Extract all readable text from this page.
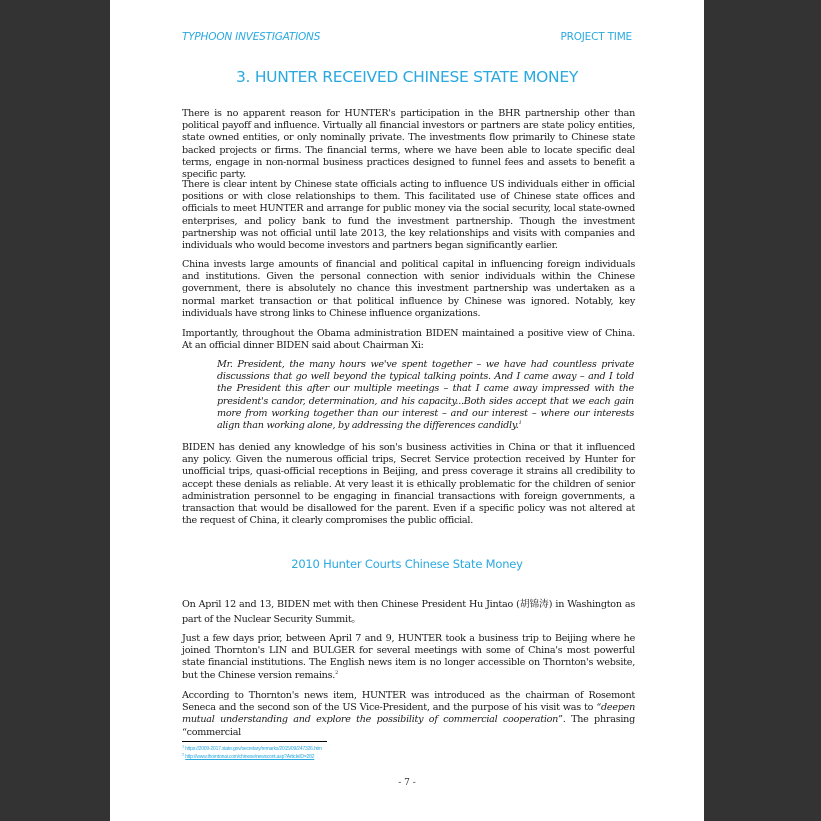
TYPHOON INVESTIGATIONS	PROJECT TIME
3. HUNTER RECEIVED CHINESE STATE MONEY

There is no apparent reason for HUNTER's participation in the BHR partnership other than political payoff and influence. Virtually all financial investors or partners are state policy entities, state owned entities, or only nominally private. The investments flow primarily to Chinese state backed projects or firms. The financial terms, where we have been able to locate specific deal terms, engage in non-normal business practices designed to funnel fees and assets to benefit a specific party.

There is clear intent by Chinese state officials acting to influence US individuals either in official positions or with close relationships to them. This facilitated use of Chinese state offices and officials to meet HUNTER and arrange for public money via the social security, local state-owned enterprises, and policy bank to fund the investment partnership. Though the investment partnership was not official until late 2013, the key relationships and visits with companies and individuals who would become investors and partners began significantly earlier.

China invests large amounts of financial and political capital in influencing foreign individuals and institutions. Given the personal connection with senior individuals within the Chinese government, there is absolutely no chance this investment partnership was undertaken as a normal market transaction or that political influence by Chinese was ignored. Notably, key individuals have strong links to Chinese influence organizations.

Importantly, throughout the Obama administration BIDEN maintained a positive view of China. At an official dinner BIDEN said about Chairman Xi:

Mr. President, the many hours we've spent together – we have had countless private discussions that go well beyond the typical talking points. And I came away – and I told the President this after our multiple meetings – that I came away impressed with the president's candor, determination, and his capacity...Both sides accept that we each gain more from working together than our interest – and our interest – where our interests align than working alone, by addressing the differences candidly.$^1$

BIDEN has denied any knowledge of his son's business activities in China or that it influenced any policy. Given the numerous official trips, Secret Service protection received by Hunter for unofficial trips, quasi-official receptions in Beijing, and press coverage it strains all credibility to accept these denials as reliable. At very least it is ethically problematic for the children of senior administration personnel to be engaging in financial transactions with foreign governments, a transaction that would be disallowed for the parent. Even if a specific policy was not altered at the request of China, it clearly compromises the public official.

2010 Hunter Courts Chinese State Money

On April 12 and 13, BIDEN met with then Chinese President Hu Jintao (胡锦涛) in Washington as part of the Nuclear Security Summit。

Just a few days prior, between April 7 and 9, HUNTER took a business trip to Beijing where he joined Thornton's LIN and BULGER for several meetings with some of China's most powerful state financial institutions. The English news item is no longer accessible on Thornton's website, but the Chinese version remains.$^2$

According to Thornton's news item, HUNTER was introduced as the chairman of Rosemont Seneca and the second son of the US Vice-President, and the purpose of his visit was to “deepen mutual understanding and explore the possibility of commercial cooperation”. The phrasing “commercial

$^1$ https://2009-2017.state.gov/secretary/remarks/2015/09/247326.htm
$^2$ http://www.thorntonai.com/chinese/newscont.asp?ArticleID=282
- 7 -
